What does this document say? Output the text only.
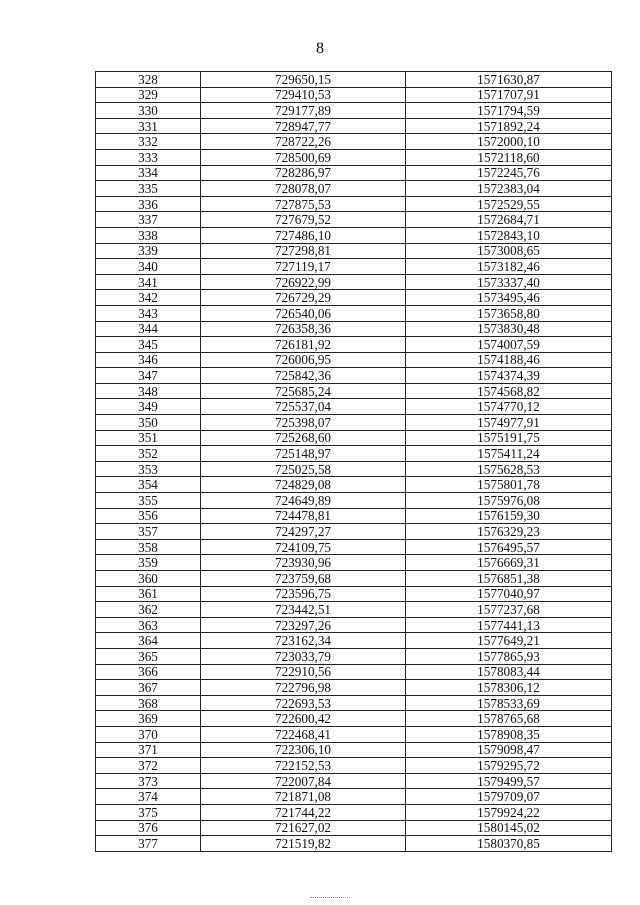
8
328	729650,15	1571630,87
329	729410,53	1571707,91
330	729177,89	1571794,59
331	728947,77	1571892,24
332	728722,26	1572000,10
333	728500,69	1572118,60
334	728286,97	1572245,76
335	728078,07	1572383,04
336	727875,53	1572529,55
337	727679,52	1572684,71
338	727486,10	1572843,10
339	727298,81	1573008,65
340	727119,17	1573182,46
341	726922,99	1573337,40
342	726729,29	1573495,46
343	726540,06	1573658,80
344	726358,36	1573830,48
345	726181,92	1574007,59
346	726006,95	1574188,46
347	725842,36	1574374,39
348	725685,24	1574568,82
349	725537,04	1574770,12
350	725398,07	1574977,91
351	725268,60	1575191,75
352	725148,97	1575411,24
353	725025,58	1575628,53
354	724829,08	1575801,78
355	724649,89	1575976,08
356	724478,81	1576159,30
357	724297,27	1576329,23
358	724109,75	1576495,57
359	723930,96	1576669,31
360	723759,68	1576851,38
361	723596,75	1577040,97
362	723442,51	1577237,68
363	723297,26	1577441,13
364	723162,34	1577649,21
365	723033,79	1577865,93
366	722910,56	1578083,44
367	722796,98	1578306,12
368	722693,53	1578533,69
369	722600,42	1578765,68
370	722468,41	1578908,35
371	722306,10	1579098,47
372	722152,53	1579295,72
373	722007,84	1579499,57
374	721871,08	1579709,07
375	721744,22	1579924,22
376	721627,02	1580145,02
377	721519,82	1580370,85
